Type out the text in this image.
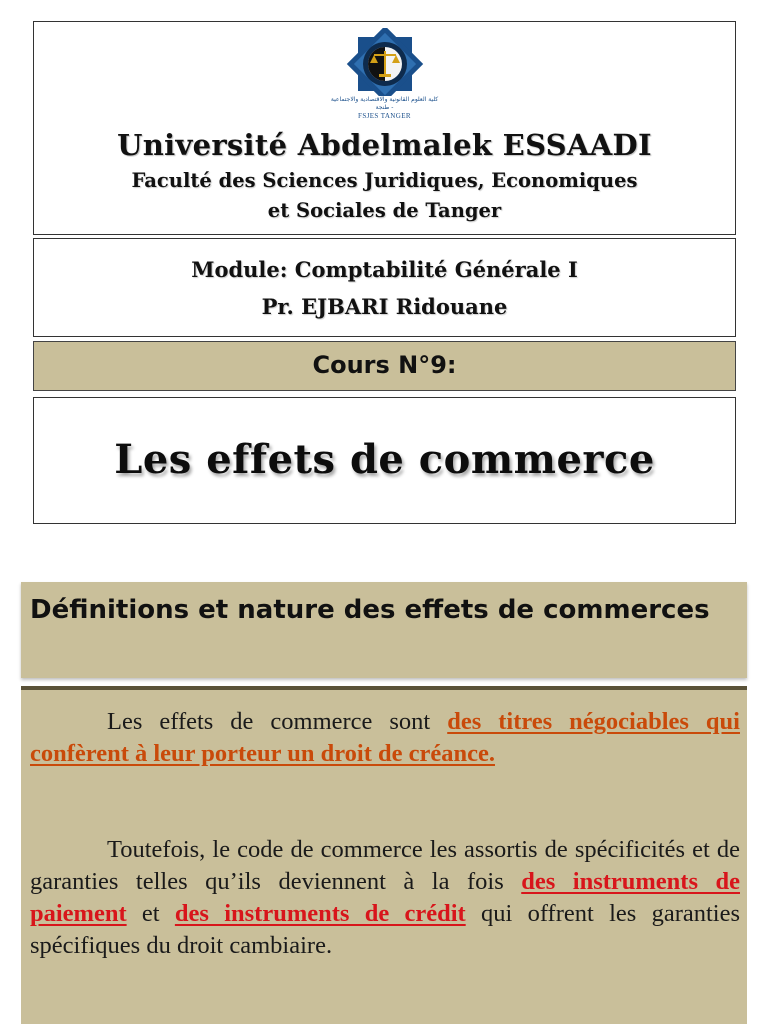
كلية العلوم القانونية والاقتصادية والاجتماعية - طنجة
FSJES TANGER
Université Abdelmalek ESSAADI
Faculté des Sciences Juridiques, Economiques
et Sociales de Tanger
Module: Comptabilité Générale I
Pr. EJBARI Ridouane
Cours N°9:
Les effets de commerce
Définitions et nature des effets de commerces

Les effets de commerce sont des titres négociables qui confèrent à leur porteur un droit de créance.

Toutefois, le code de commerce les assortis de spécificités et de garanties telles qu’ils deviennent à la fois des instruments de paiement et des instruments de crédit qui offrent les garanties spécifiques du droit cambiaire.
